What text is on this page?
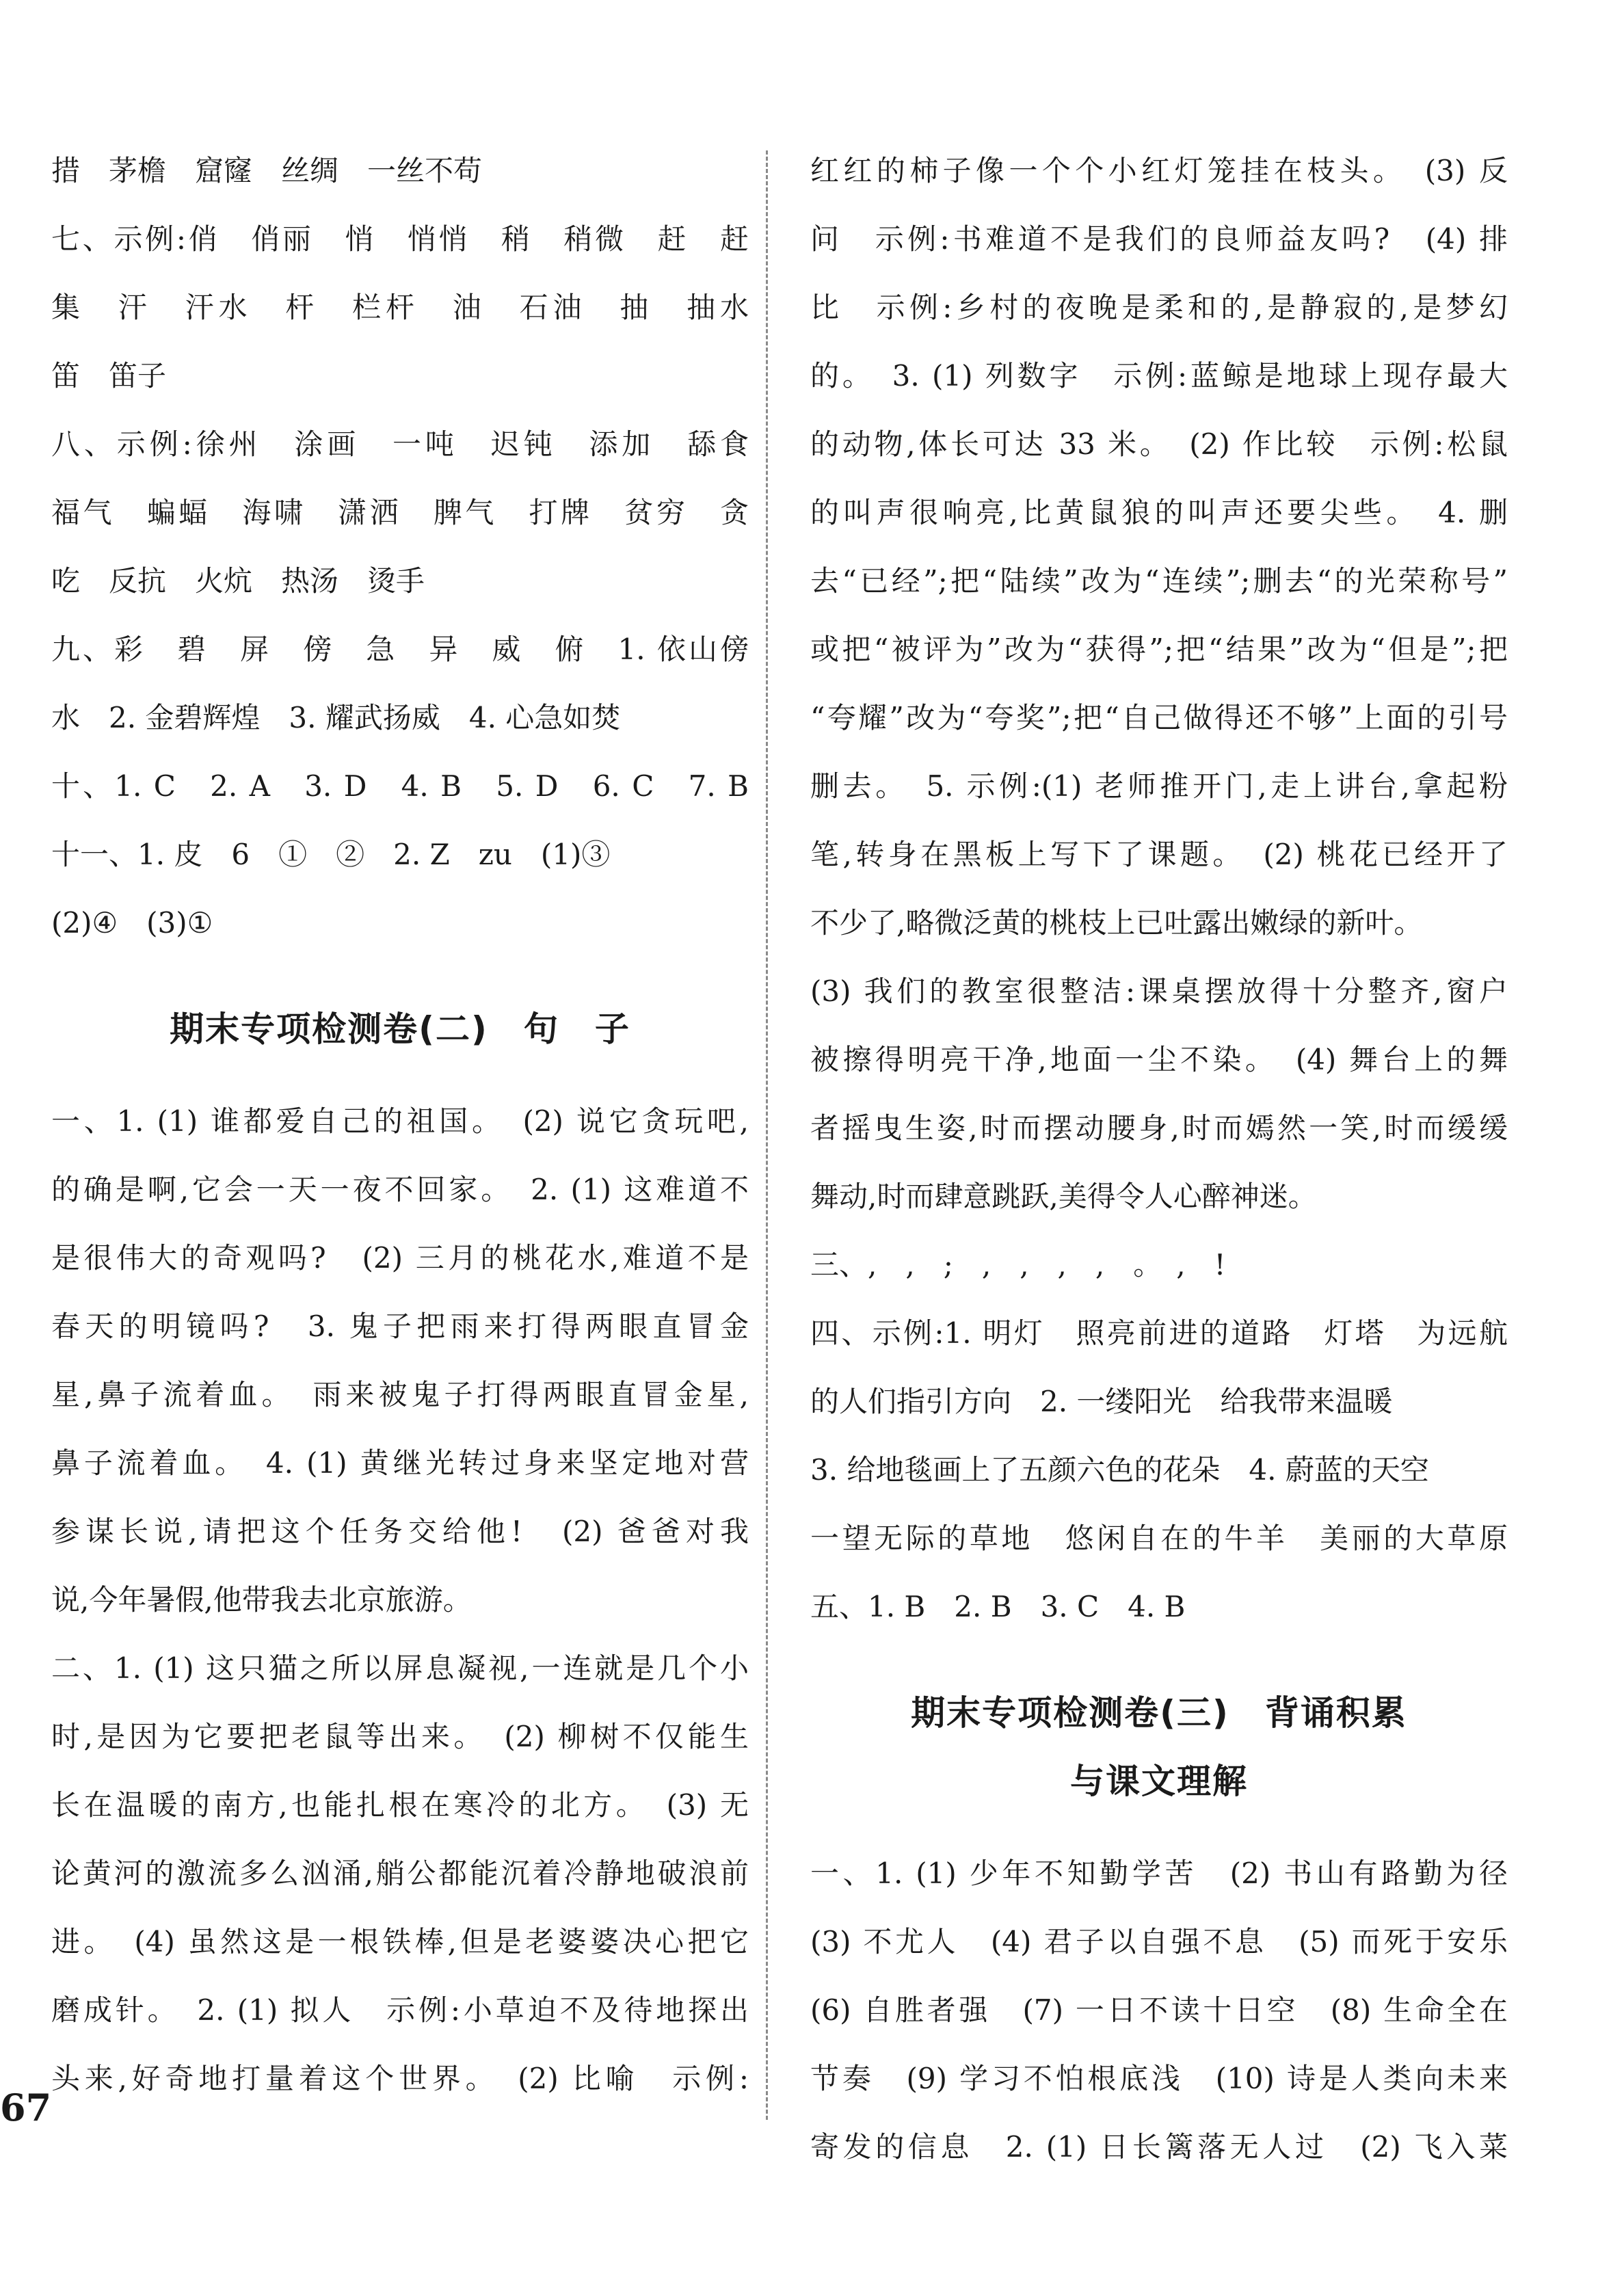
措　茅檐　窟窿　丝绸　一丝不苟
七、示例:俏　俏丽　悄　悄悄　稍　稍微　赶　赶
集　汗　汗水　杆　栏杆　油　石油　抽　抽水
笛　笛子
八、示例:徐州　涂画　一吨　迟钝　添加　舔食
福气　蝙蝠　海啸　潇洒　脾气　打牌　贫穷　贪
吃　反抗　火炕　热汤　烫手
九、彩　碧　屏　傍　急　异　威　俯　1. 依山傍
水　2. 金碧辉煌　3. 耀武扬威　4. 心急如焚
十、1. C　2. A　3. D　4. B　5. D　6. C　7. B
十一、1. 皮　6　①　②　2. Z　zu　(1)③
(2)④　(3)①

期末专项检测卷(二)　句　子

一、1. (1) 谁都爱自己的祖国。　(2) 说它贪玩吧,
的确是啊,它会一天一夜不回家。　2. (1) 这难道不
是很伟大的奇观吗?　(2) 三月的桃花水,难道不是
春天的明镜吗?　3. 鬼子把雨来打得两眼直冒金
星,鼻子流着血。　雨来被鬼子打得两眼直冒金星,
鼻子流着血。　4. (1) 黄继光转过身来坚定地对营
参谋长说,请把这个任务交给他!　(2) 爸爸对我
说,今年暑假,他带我去北京旅游。
二、1. (1) 这只猫之所以屏息凝视,一连就是几个小
时,是因为它要把老鼠等出来。　(2) 柳树不仅能生
长在温暖的南方,也能扎根在寒冷的北方。　(3) 无
论黄河的激流多么汹涌,艄公都能沉着冷静地破浪前
进。　(4) 虽然这是一根铁棒,但是老婆婆决心把它
磨成针。　2. (1) 拟人　示例:小草迫不及待地探出
头来,好奇地打量着这个世界。　(2) 比喻　示例:

红红的柿子像一个个小红灯笼挂在枝头。　(3) 反
问　示例:书难道不是我们的良师益友吗?　(4) 排
比　示例:乡村的夜晚是柔和的,是静寂的,是梦幻
的。　3. (1) 列数字　示例:蓝鲸是地球上现存最大
的动物,体长可达 33 米。　(2) 作比较　示例:松鼠
的叫声很响亮,比黄鼠狼的叫声还要尖些。　4. 删
去“已经”;把“陆续”改为“连续”;删去“的光荣称号”
或把“被评为”改为“获得”;把“结果”改为“但是”;把
“夸耀”改为“夸奖”;把“自己做得还不够”上面的引号
删去。　5. 示例:(1) 老师推开门,走上讲台,拿起粉
笔,转身在黑板上写下了课题。　(2) 桃花已经开了
不少了,略微泛黄的桃枝上已吐露出嫩绿的新叶。
(3) 我们的教室很整洁:课桌摆放得十分整齐,窗户
被擦得明亮干净,地面一尘不染。　(4) 舞台上的舞
者摇曳生姿,时而摆动腰身,时而嫣然一笑,时而缓缓
舞动,时而肆意跳跃,美得令人心醉神迷。
三、,　,　;　,　,　,　,　。　,　!
四、示例:1. 明灯　照亮前进的道路　灯塔　为远航
的人们指引方向　2. 一缕阳光　给我带来温暖
3. 给地毯画上了五颜六色的花朵　4. 蔚蓝的天空
一望无际的草地　悠闲自在的牛羊　美丽的大草原
五、1. B　2. B　3. C　4. B

期末专项检测卷(三)　背诵积累
与课文理解

一、1. (1) 少年不知勤学苦　(2) 书山有路勤为径
(3) 不尤人　(4) 君子以自强不息　(5) 而死于安乐
(6) 自胜者强　(7) 一日不读十日空　(8) 生命全在
节奏　(9) 学习不怕根底浅　(10) 诗是人类向未来
寄发的信息　2. (1) 日长篱落无人过　(2) 飞入菜

67
